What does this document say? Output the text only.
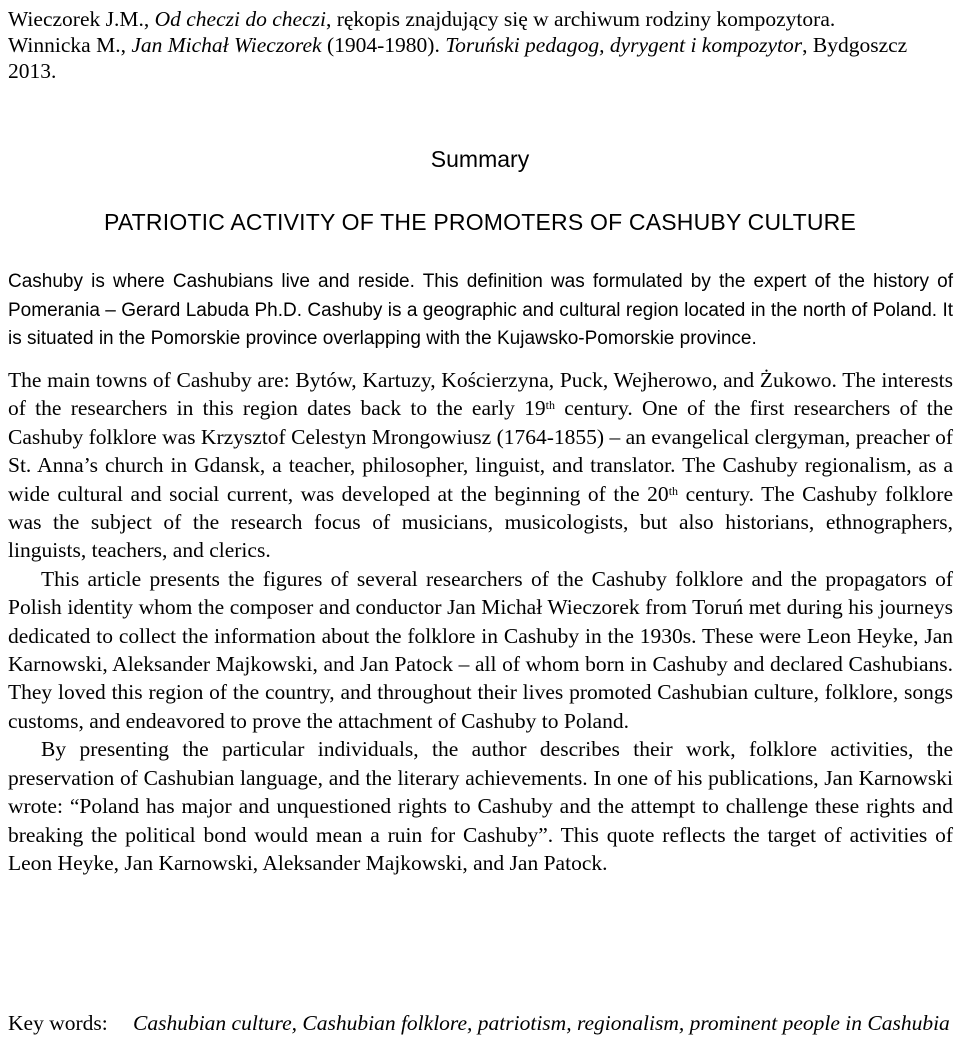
Wieczorek J.M., Od checzi do checzi, rękopis znajdujący się w archiwum rodziny kompozytora.

Winnicka M., Jan Michał Wieczorek (1904-1980). Toruński pedagog, dyrygent i kompozytor, Bydgoszcz 2013.

Summary
PATRIOTIC ACTIVITY OF THE PROMOTERS OF CASHUBY CULTURE
Cashuby is where Cashubians live and reside. This definition was formulated by the expert of the history of Pomerania – Gerard Labuda Ph.D. Cashuby is a geographic and cultural region located in the north of Poland. It is situated in the Pomorskie province overlapping with the Kujawsko-Pomorskie province.

The main towns of Cashuby are: Bytów, Kartuzy, Kościerzyna, Puck, Wejherowo, and Żukowo. The interests of the researchers in this region dates back to the early 19th century. One of the first researchers of the Cashuby folklore was Krzysztof Celestyn Mrongowiusz (1764-1855) – an evangelical clergyman, preacher of St. Anna’s church in Gdansk, a teacher, philosopher, linguist, and translator. The Cashuby regionalism, as a wide cultural and social current, was developed at the beginning of the 20th century. The Cashuby folklore was the subject of the research focus of musicians, musicologists, but also historians, ethnographers, linguists, teachers, and clerics.

This article presents the figures of several researchers of the Cashuby folklore and the propagators of Polish identity whom the composer and conductor Jan Michał Wieczorek from Toruń met during his journeys dedicated to collect the information about the folklore in Cashuby in the 1930s. These were Leon Heyke, Jan Karnowski, Aleksander Majkowski, and Jan Patock – all of whom born in Cashuby and declared Cashubians. They loved this region of the country, and throughout their lives promoted Cashubian culture, folklore, songs customs, and endeavored to prove the attachment of Cashuby to Poland.

By presenting the particular individuals, the author describes their work, folklore activities, the preservation of Cashubian language, and the literary achievements. In one of his publications, Jan Karnowski wrote: “Poland has major and unquestioned rights to Cashuby and the attempt to challenge these rights and breaking the political bond would mean a ruin for Cashuby”. This quote reflects the target of activities of Leon Heyke, Jan Karnowski, Aleksander Majkowski, and Jan Patock.

Key words: Cashubian culture, Cashubian folklore, patriotism, regionalism, prominent people in Cashubia
